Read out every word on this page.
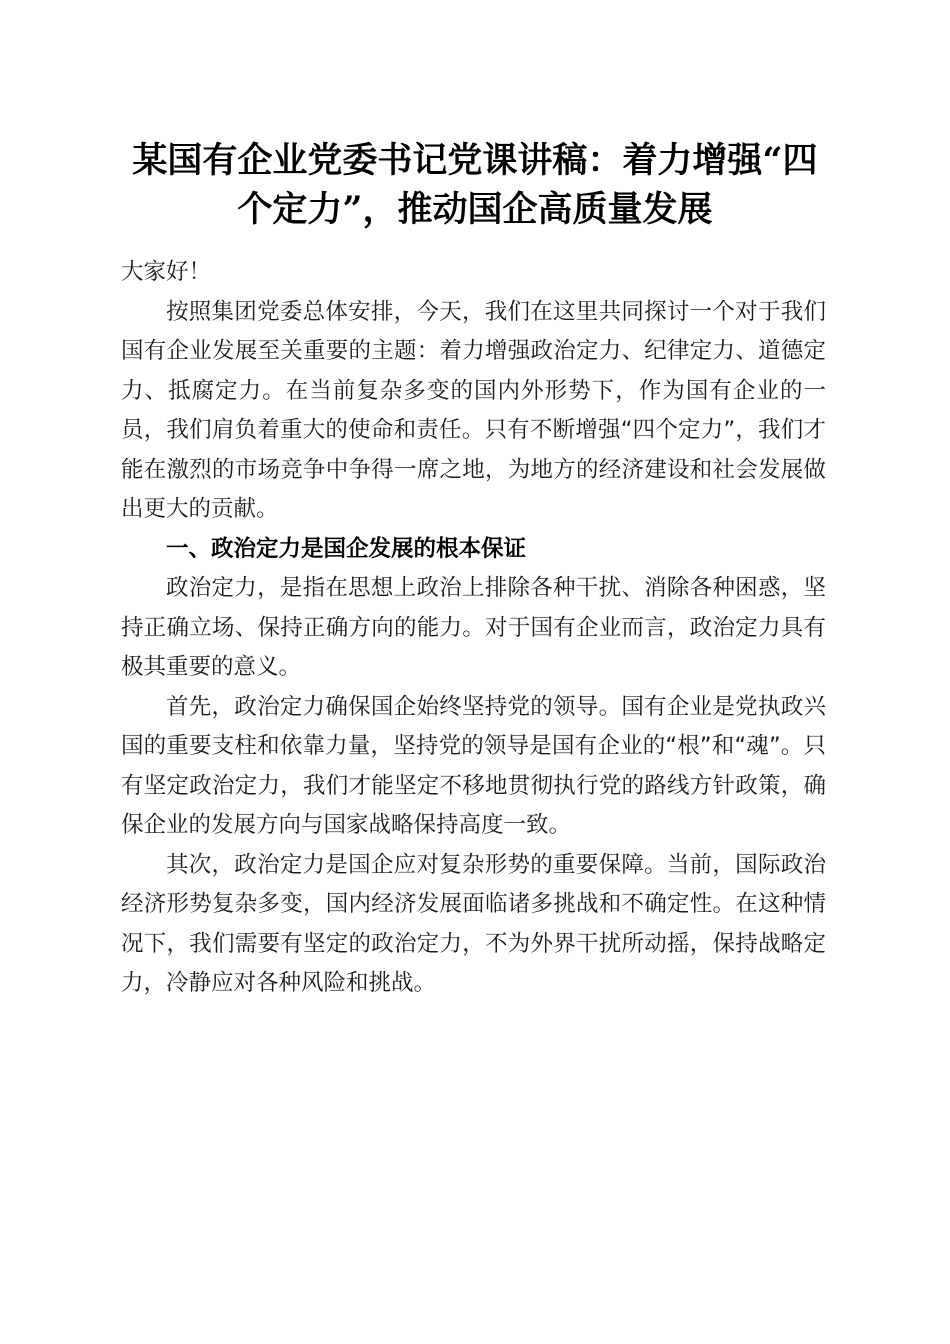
某国有企业党委书记党课讲稿：着力增强“四
个定力”，推动国企高质量发展

大家好！

按照集团党委总体安排，今天，我们在这里共同探讨一个对于我们国有企业发展至关重要的主题：着力增强政治定力、纪律定力、道德定力、抵腐定力。在当前复杂多变的国内外形势下，作为国有企业的一员，我们肩负着重大的使命和责任。只有不断增强“四个定力”，我们才能在激烈的市场竞争中争得一席之地，为地方的经济建设和社会发展做出更大的贡献。

一、政治定力是国企发展的根本保证

政治定力，是指在思想上政治上排除各种干扰、消除各种困惑，坚持正确立场、保持正确方向的能力。对于国有企业而言，政治定力具有极其重要的意义。

首先，政治定力确保国企始终坚持党的领导。国有企业是党执政兴国的重要支柱和依靠力量，坚持党的领导是国有企业的“根”和“魂”。只有坚定政治定力，我们才能坚定不移地贯彻执行党的路线方针政策，确保企业的发展方向与国家战略保持高度一致。

其次，政治定力是国企应对复杂形势的重要保障。当前，国际政治经济形势复杂多变，国内经济发展面临诸多挑战和不确定性。在这种情况下，我们需要有坚定的政治定力，不为外界干扰所动摇，保持战略定力，冷静应对各种风险和挑战。
